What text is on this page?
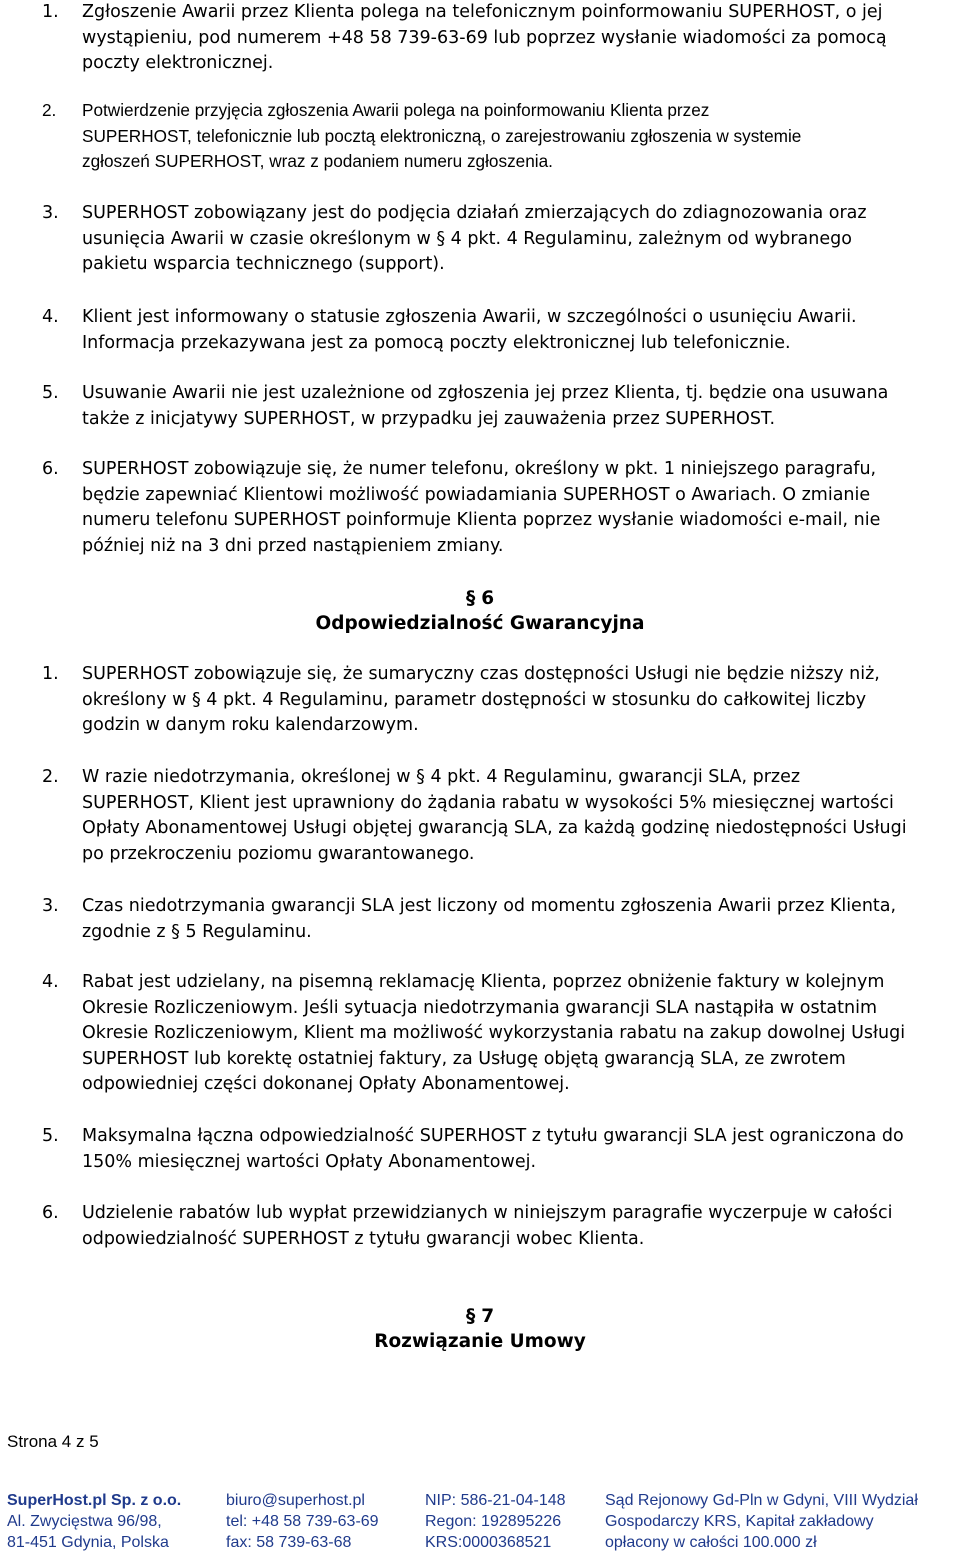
1. Zgłoszenie Awarii przez Klienta polega na telefonicznym poinformowaniu SUPERHOST, o jej
wystąpieniu, pod numerem +48 58 739-63-69 lub poprzez wysłanie wiadomości za pomocą
poczty elektronicznej.
2. Potwierdzenie przyjęcia zgłoszenia Awarii polega na poinformowaniu Klienta przez
SUPERHOST, telefonicznie lub pocztą elektroniczną, o zarejestrowaniu zgłoszenia w systemie
zgłoszeń SUPERHOST, wraz z podaniem numeru zgłoszenia.
3. SUPERHOST zobowiązany jest do podjęcia działań zmierzających do zdiagnozowania oraz
usunięcia Awarii w czasie określonym w § 4 pkt. 4 Regulaminu, zależnym od wybranego
pakietu wsparcia technicznego (support).
4. Klient jest informowany o statusie zgłoszenia Awarii, w szczególności o usunięciu Awarii.
Informacja przekazywana jest za pomocą poczty elektronicznej lub telefonicznie.
5. Usuwanie Awarii nie jest uzależnione od zgłoszenia jej przez Klienta, tj. będzie ona usuwana
także z inicjatywy SUPERHOST, w przypadku jej zauważenia przez SUPERHOST.
6. SUPERHOST zobowiązuje się, że numer telefonu, określony w pkt. 1 niniejszego paragrafu,
będzie zapewniać Klientowi możliwość powiadamiania SUPERHOST o Awariach. O zmianie
numeru telefonu SUPERHOST poinformuje Klienta poprzez wysłanie wiadomości e-mail, nie
później niż na 3 dni przed nastąpieniem zmiany.
§ 6
Odpowiedzialność Gwarancyjna
1. SUPERHOST zobowiązuje się, że sumaryczny czas dostępności Usługi nie będzie niższy niż,
określony w § 4 pkt. 4 Regulaminu, parametr dostępności w stosunku do całkowitej liczby
godzin w danym roku kalendarzowym.
2. W razie niedotrzymania, określonej w § 4 pkt. 4 Regulaminu, gwarancji SLA, przez
SUPERHOST, Klient jest uprawniony do żądania rabatu w wysokości 5% miesięcznej wartości
Opłaty Abonamentowej Usługi objętej gwarancją SLA, za każdą godzinę niedostępności Usługi
po przekroczeniu poziomu gwarantowanego.
3. Czas niedotrzymania gwarancji SLA jest liczony od momentu zgłoszenia Awarii przez Klienta,
zgodnie z § 5 Regulaminu.
4. Rabat jest udzielany, na pisemną reklamację Klienta, poprzez obniżenie faktury w kolejnym
Okresie Rozliczeniowym. Jeśli sytuacja niedotrzymania gwarancji SLA nastąpiła w ostatnim
Okresie Rozliczeniowym, Klient ma możliwość wykorzystania rabatu na zakup dowolnej Usługi
SUPERHOST lub korektę ostatniej faktury, za Usługę objętą gwarancją SLA, ze zwrotem
odpowiedniej części dokonanej Opłaty Abonamentowej.
5. Maksymalna łączna odpowiedzialność SUPERHOST z tytułu gwarancji SLA jest ograniczona do
150% miesięcznej wartości Opłaty Abonamentowej.
6. Udzielenie rabatów lub wypłat przewidzianych w niniejszym paragrafie wyczerpuje w całości
odpowiedzialność SUPERHOST z tytułu gwarancji wobec Klienta.
§ 7
Rozwiązanie Umowy
Strona 4 z 5
SuperHost.pl Sp. z o.o.
Al. Zwycięstwa 96/98,
81-451 Gdynia, Polska
biuro@superhost.pl
tel: +48 58 739-63-69
fax: 58 739-63-68
NIP: 586-21-04-148
Regon: 192895226
KRS:0000368521
Sąd Rejonowy Gd-Pln w Gdyni, VIII Wydział
Gospodarczy KRS, Kapitał zakładowy
opłacony w całości 100.000 zł
